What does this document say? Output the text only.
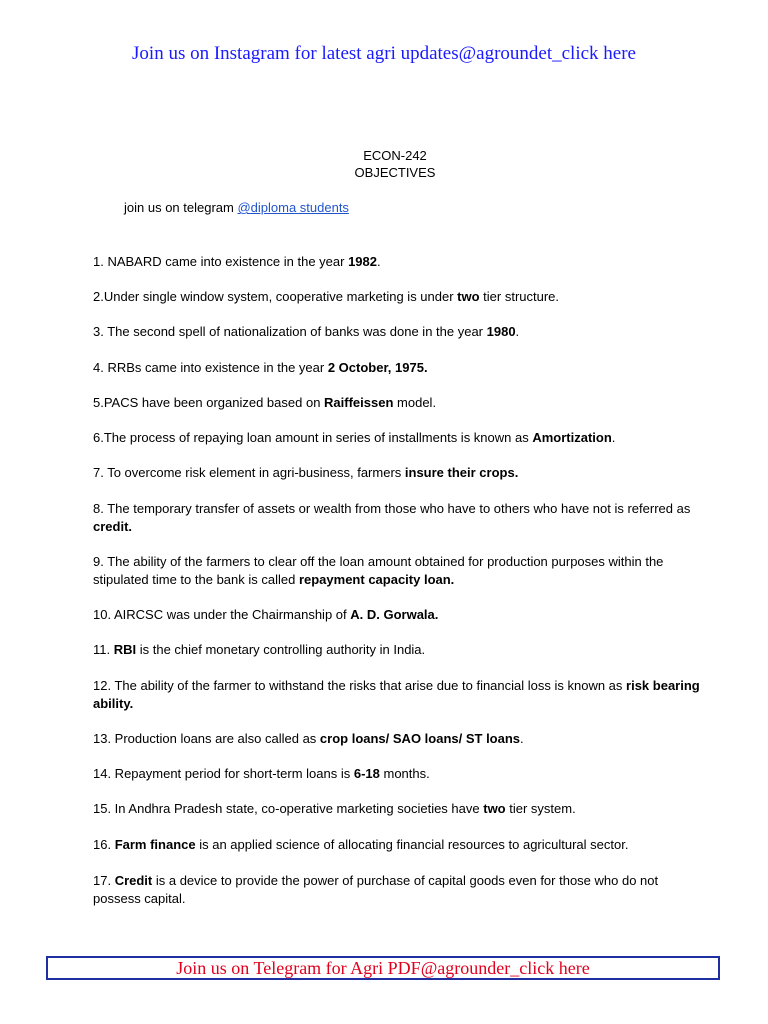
Join us on Instagram for latest agri updates@agroundet_click here
ECON-242
OBJECTIVES
join us on telegram @diploma students
1. NABARD came into existence in the year 1982.
2.Under single window system, cooperative marketing is under two tier structure.
3. The second spell of nationalization of banks was done in the year 1980.
4. RRBs came into existence in the year 2 October, 1975.
5.PACS have been organized based on Raiffeissen model.
6.The process of repaying loan amount in series of installments is known as Amortization.
7. To overcome risk element in agri-business, farmers insure their crops.
8. The temporary transfer of assets or wealth from those who have to others who have not is referred as credit.
9. The ability of the farmers to clear off the loan amount obtained for production purposes within the stipulated time to the bank is called repayment capacity loan.
10. AIRCSC was under the Chairmanship of A. D. Gorwala.
11. RBI is the chief monetary controlling authority in India.
12. The ability of the farmer to withstand the risks that arise due to financial loss is known as risk bearing ability.
13. Production loans are also called as crop loans/ SAO loans/ ST loans.
14. Repayment period for short-term loans is 6-18 months.
15. In Andhra Pradesh state, co-operative marketing societies have two tier system.
16. Farm finance is an applied science of allocating financial resources to agricultural sector.
17. Credit is a device to provide the power of purchase of capital goods even for those who do not possess capital.
Join us on Telegram for Agri PDF@agrounder_click here
